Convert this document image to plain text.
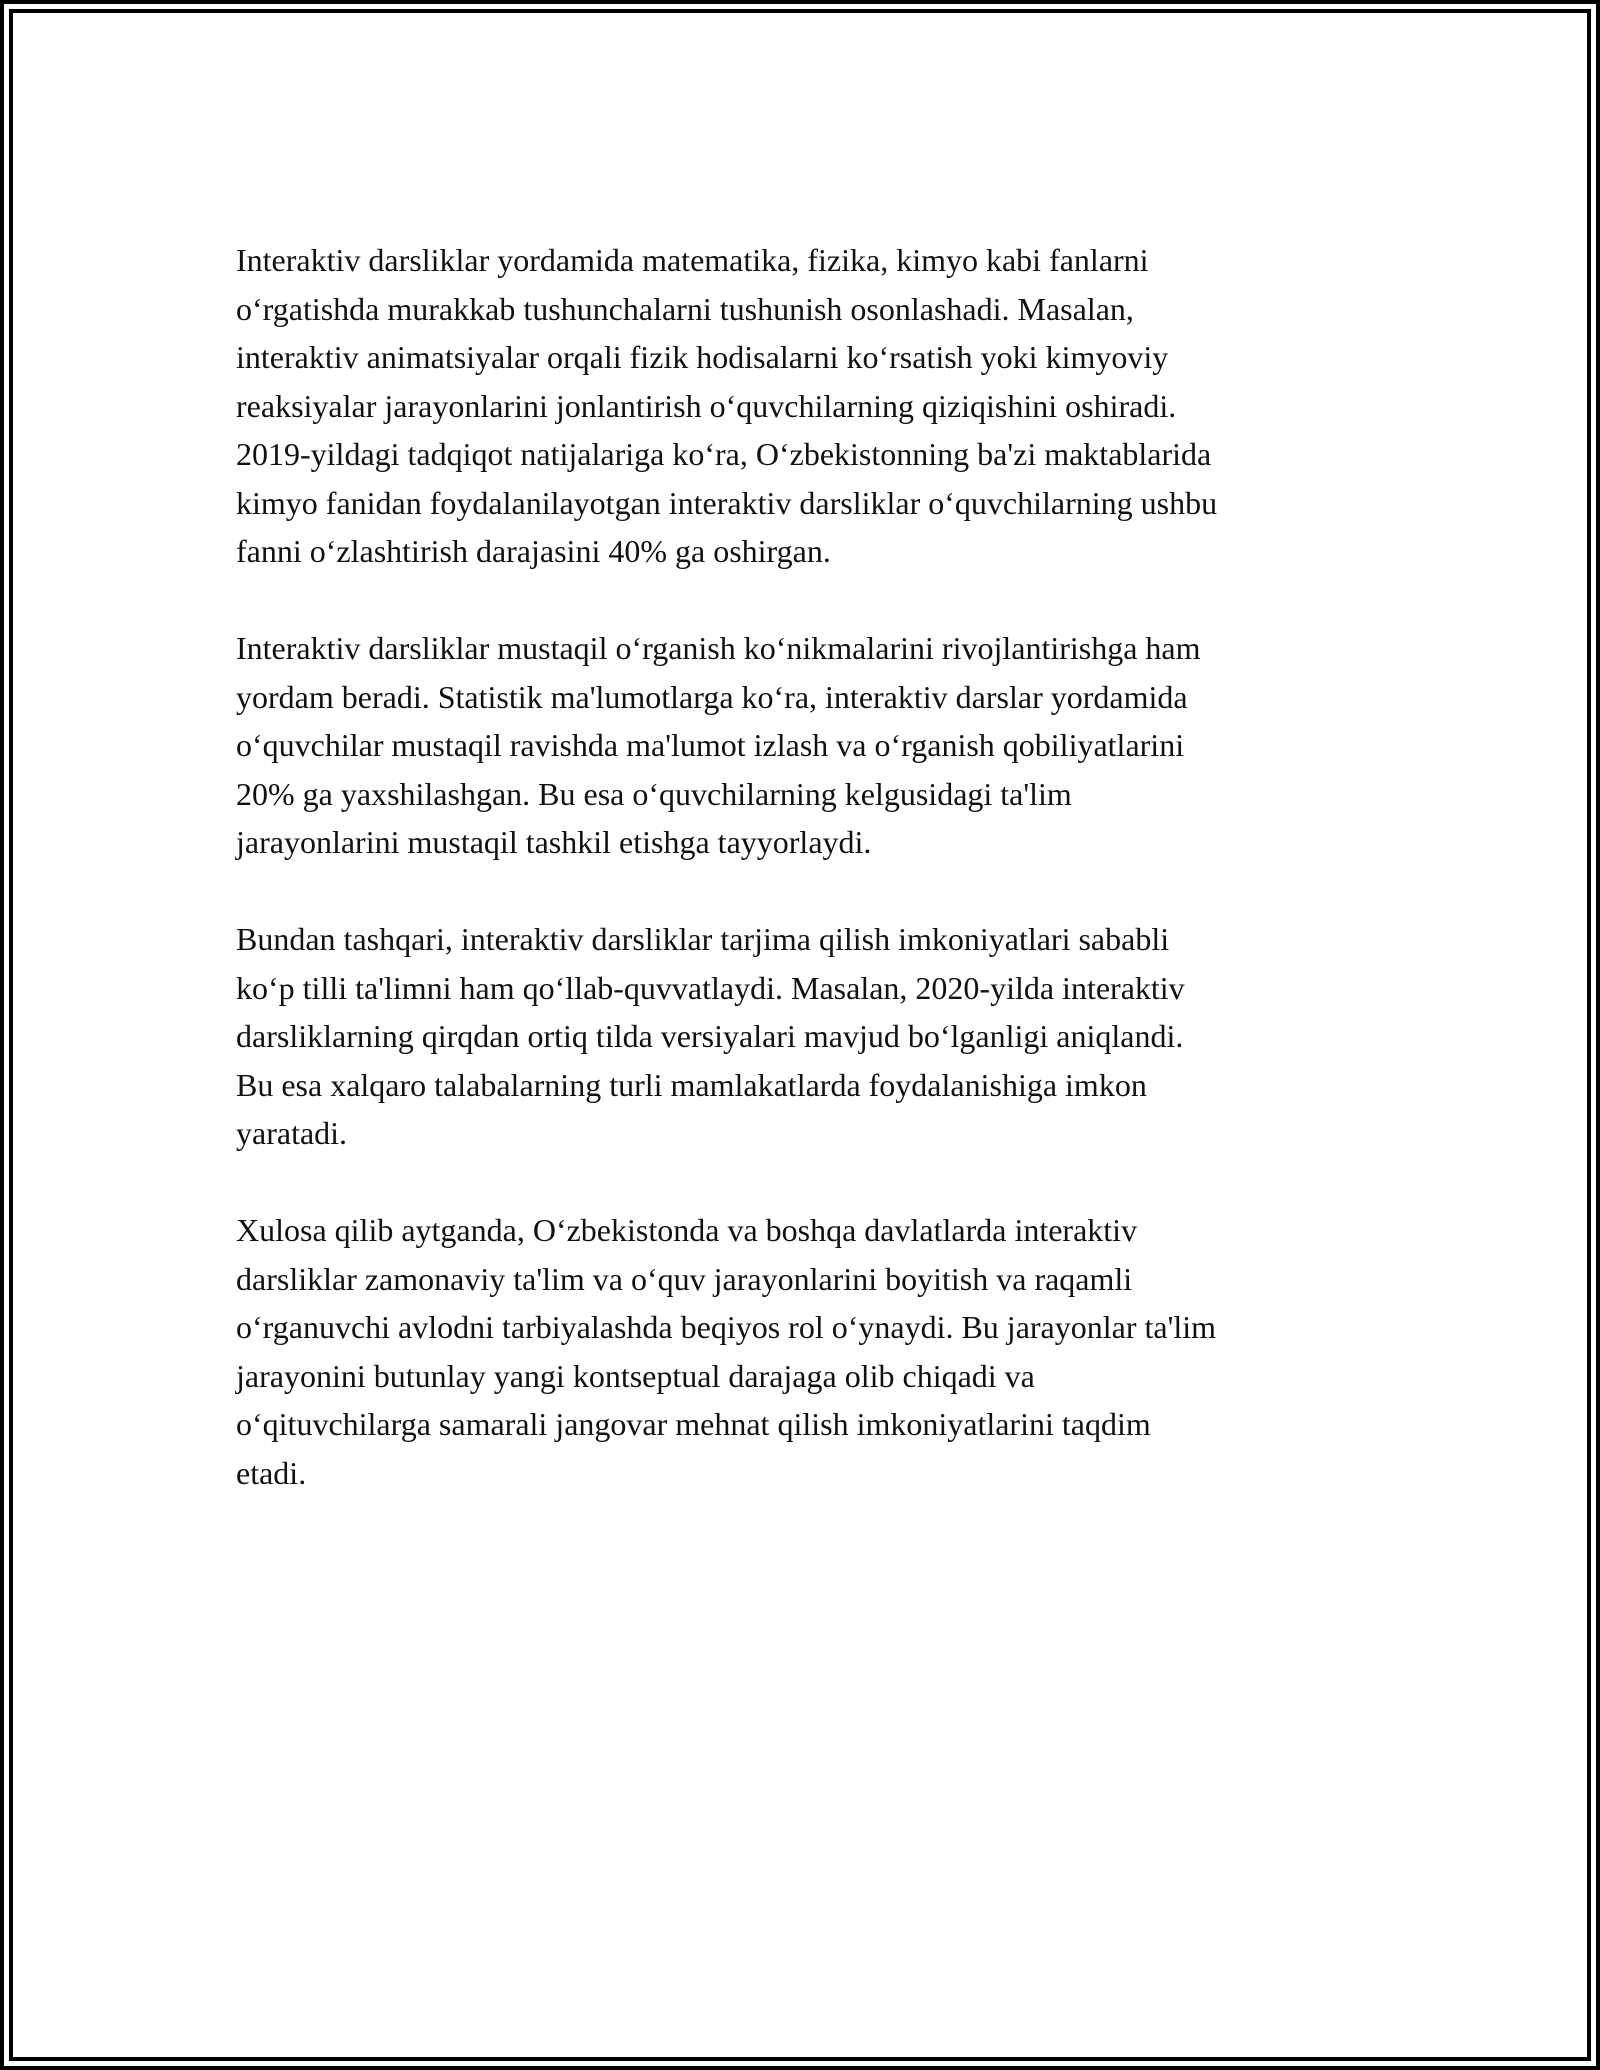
Interaktiv darsliklar yordamida matematika, fizika, kimyo kabi fanlarni
o‘rgatishda murakkab tushunchalarni tushunish osonlashadi. Masalan,
interaktiv animatsiyalar orqali fizik hodisalarni ko‘rsatish yoki kimyoviy
reaksiyalar jarayonlarini jonlantirish o‘quvchilarning qiziqishini oshiradi.
2019-yildagi tadqiqot natijalariga ko‘ra, O‘zbekistonning ba'zi maktablarida
kimyo fanidan foydalanilayotgan interaktiv darsliklar o‘quvchilarning ushbu
fanni o‘zlashtirish darajasini 40% ga oshirgan.

Interaktiv darsliklar mustaqil o‘rganish ko‘nikmalarini rivojlantirishga ham
yordam beradi. Statistik ma'lumotlarga ko‘ra, interaktiv darslar yordamida
o‘quvchilar mustaqil ravishda ma'lumot izlash va o‘rganish qobiliyatlarini
20% ga yaxshilashgan. Bu esa o‘quvchilarning kelgusidagi ta'lim
jarayonlarini mustaqil tashkil etishga tayyorlaydi.

Bundan tashqari, interaktiv darsliklar tarjima qilish imkoniyatlari sababli
ko‘p tilli ta'limni ham qo‘llab-quvvatlaydi. Masalan, 2020-yilda interaktiv
darsliklarning qirqdan ortiq tilda versiyalari mavjud bo‘lganligi aniqlandi.
Bu esa xalqaro talabalarning turli mamlakatlarda foydalanishiga imkon
yaratadi.

Xulosa qilib aytganda, O‘zbekistonda va boshqa davlatlarda interaktiv
darsliklar zamonaviy ta'lim va o‘quv jarayonlarini boyitish va raqamli
o‘rganuvchi avlodni tarbiyalashda beqiyos rol o‘ynaydi. Bu jarayonlar ta'lim
jarayonini butunlay yangi kontseptual darajaga olib chiqadi va
o‘qituvchilarga samarali jangovar mehnat qilish imkoniyatlarini taqdim
etadi.
